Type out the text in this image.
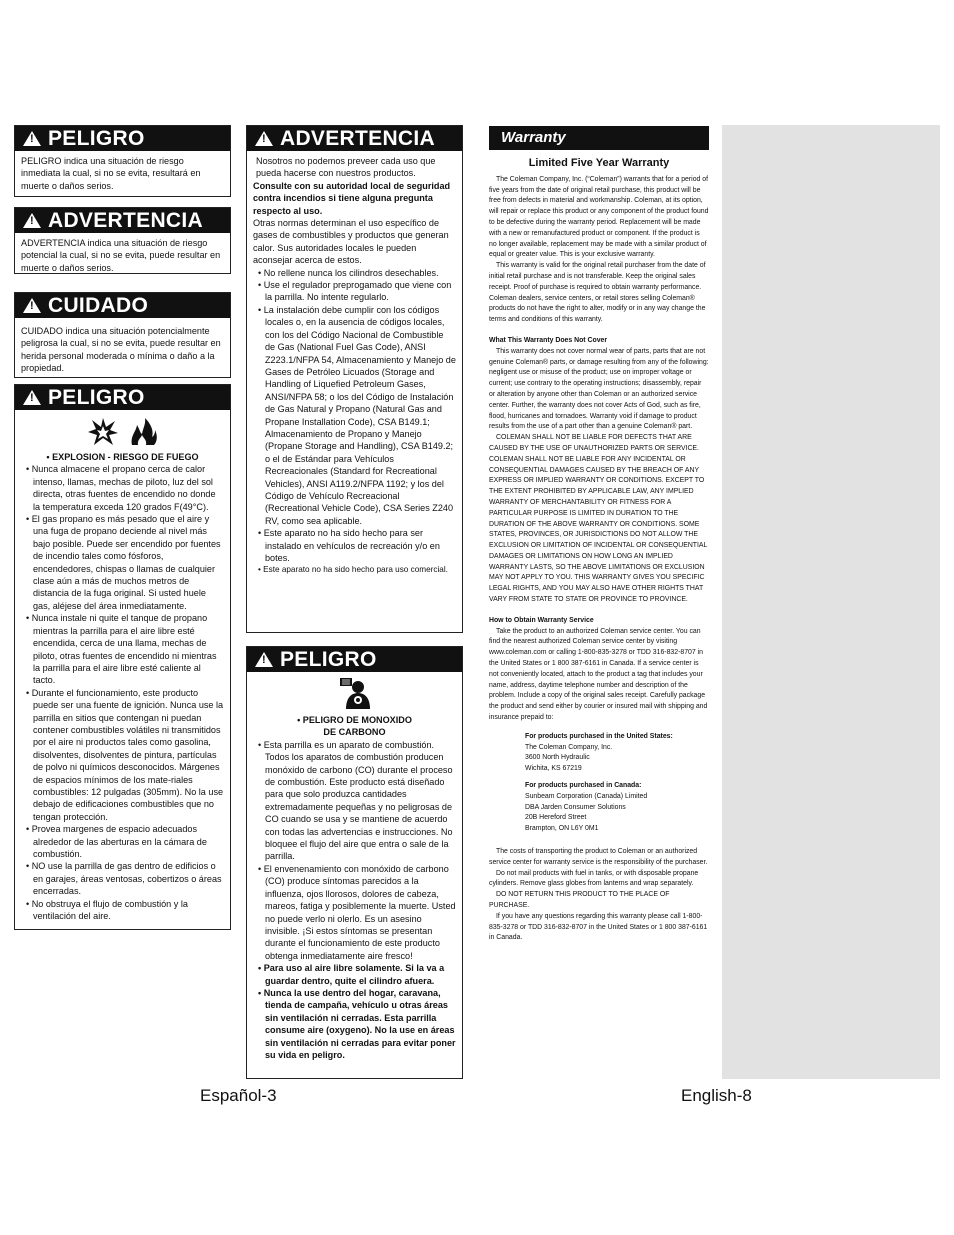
!
PELIGRO

PELIGRO indica una situación de riesgo inmediata la cual, si no se evita, resultará en muerte o daños serios.

!
ADVERTENCIA

ADVERTENCIA indica una situación de riesgo potencial la cual, si no se evita, puede resultar en muerte o daños serios.

!
CUIDADO

CUIDADO indica una situación potencialmente peligrosa la cual, si no se evita, puede resultar en herida personal moderada o mínima o daño a la propiedad.

!
PELIGRO

• EXPLOSION - RIESGO DE FUEGO

• Nunca almacene el propano cerca de calor intenso, llamas, mechas de piloto, luz del sol directa, otras fuentes de encendido no donde la temperatura exceda 120 grados F(49°C).

• El gas propano es más pesado que el aire y una fuga de propano deciende al nivel más bajo posible. Puede ser encendido por fuentes de incendio tales como fósforos, encendedores, chispas o llamas de cualquier clase aún a más de muchos metros de distancia de la fuga original. Si usted huele gas, aléjese del área inmediatamente.

• Nunca instale ni quite el tanque de propano mientras la parrilla para el aire libre esté encendida, cerca de una llama, mechas de piloto, otras fuentes de encendido ni mientras la parrilla para el aire libre esté caliente al tacto.

• Durante el funcionamiento, este producto puede ser una fuente de ignición. Nunca use la parrilla en sitios que contengan ni puedan contener combustibles volátiles ni transmitidos por el aire ni productos tales como gasolina, disolventes, disolventes de pintura, partículas de polvo ni químicos desconocidos. Márgenes de espacios mínimos de los mate-riales combustibles: 12 pulgadas (305mm). No la use debajo de edificaciones combustibles que no tengan protección.

• Provea margenes de espacio adecuados alrededor de las aberturas en la cámara de combustión.

• NO use la parrilla de gas dentro de edificios o en garajes, áreas ventosas, cobertizos o áreas encerradas.

• No obstruya el flujo de combustión y la ventilación del aire.

!
ADVERTENCIA

Nosotros no podemos preveer cada uso que pueda hacerse con nuestros productos.

Consulte con su autoridad local de seguridad contra incendios si tiene alguna pregunta respecto al uso.

Otras normas determinan el uso específico de gases de combustibles y productos que generan calor. Sus autoridades locales le pueden aconsejar acerca de estos.

• No rellene nunca los cilindros desechables.

• Use el regulador preprogamado que viene con la parrilla. No intente regularlo.

• La instalación debe cumplir con los códigos locales o, en la ausencia de códigos locales, con los del Código Nacional de Combustible de Gas (National Fuel Gas Code), ANSI Z223.1/NFPA 54, Almacenamiento y Manejo de Gases de Petróleo Licuados (Storage and Handling of Liquefied Petroleum Gases, ANSI/NFPA 58; o los del Código de Instalación de Gas Natural y Propano (Natural Gas and Propane Installation Code), CSA B149.1; Almacenamiento de Propano y Manejo (Propane Storage and Handling), CSA B149.2; o el de Estándar para Vehículos Recreacionales (Standard for Recreational Vehicles), ANSI A119.2/NFPA 1192; y los del Código de Vehículo Recreacional (Recreational Vehicle Code), CSA Series Z240 RV, como sea aplicable.

• Este aparato no ha sido hecho para ser instalado en vehículos de recreación y/o en botes.

• Este aparato no ha sido hecho para uso comercial.

!
PELIGRO

• PELIGRO DE MONOXIDO

DE CARBONO

• Esta parrilla es un aparato de combustión. Todos los aparatos de combustión producen monóxido de carbono (CO) durante el proceso de combustión. Este producto está diseñado para que solo produzca cantidades extremadamente pequeñas y no peligrosas de CO cuando se usa y se mantiene de acuerdo con todas las advertencias e instrucciones. No bloquee el flujo del aire que entra o sale de la parrilla.

• El envenenamiento con monóxido de carbono (CO) produce síntomas parecidos a la influenza, ojos llorosos, dolores de cabeza, mareos, fatiga y posiblemente la muerte. Usted no puede verlo ni olerlo. Es un asesino invisible. ¡Si estos síntomas se presentan durante el funcionamiento de este producto obtenga inmediatamente aire fresco!

• Para uso al aire libre solamente. Si la va a guardar dentro, quite el cilindro afuera.

• Nunca la use dentro del hogar, caravana, tienda de campaña, vehículo u otras áreas sin ventilación ni cerradas. Esta parrilla consume aire (oxygeno). No la use en áreas sin ventilación ni cerradas para evitar poner su vida en peligro.

Warranty
Limited Five Year Warranty

The Coleman Company, Inc. (“Coleman”) warrants that for a period of five years from the date of original retail purchase, this product will be free from defects in material and workmanship. Coleman, at its option, will repair or replace this product or any component of the product found to be defective during the warranty period. Replacement will be made with a new or remanufactured product or component. If the product is no longer available, replacement may be made with a similar product of equal or greater value. This is your exclusive warranty.

This warranty is valid for the original retail purchaser from the date of initial retail purchase and is not transferable. Keep the original sales receipt. Proof of purchase is required to obtain warranty performance. Coleman dealers, service centers, or retail stores selling Coleman® products do not have the right to alter, modify or in any way change the terms and conditions of this warranty.

What This Warranty Does Not Cover

This warranty does not cover normal wear of parts, parts that are not genuine Coleman® parts, or damage resulting from any of the following: negligent use or misuse of the product; use on improper voltage or current; use contrary to the operating instructions; disassembly, repair or alteration by anyone other than Coleman or an authorized service center. Further, the warranty does not cover Acts of God, such as fire, flood, hurricanes and tornadoes. Warranty void if damage to product results from the use of a part other than a genuine Coleman® part.

COLEMAN SHALL NOT BE LIABLE FOR DEFECTS THAT ARE CAUSED BY THE USE OF UNAUTHORIZED PARTS OR SERVICE. COLEMAN SHALL NOT BE LIABLE FOR ANY INCIDENTAL OR CONSEQUENTIAL DAMAGES CAUSED BY THE BREACH OF ANY EXPRESS OR IMPLIED WARRANTY OR CONDITIONS. EXCEPT TO THE EXTENT PROHIBITED BY APPLICABLE LAW, ANY IMPLIED WARRANTY OF MERCHANTABILITY OR FITNESS FOR A PARTICULAR PURPOSE IS LIMITED IN DURATION TO THE DURATION OF THE ABOVE WARRANTY OR CONDITIONS. SOME STATES, PROVINCES, OR JURISDICTIONS DO NOT ALLOW THE EXCLUSION OR LIMITATION OF INCIDENTAL OR CONSEQUENTIAL DAMAGES OR LIMITATIONS ON HOW LONG AN IMPLIED WARRANTY LASTS, SO THE ABOVE LIMITATIONS OR EXCLUSION MAY NOT APPLY TO YOU. THIS WARRANTY GIVES YOU SPECIFIC LEGAL RIGHTS, AND YOU MAY ALSO HAVE OTHER RIGHTS THAT VARY FROM STATE TO STATE OR PROVINCE TO PROVINCE.

How to Obtain Warranty Service

Take the product to an authorized Coleman service center. You can find the nearest authorized Coleman service center by visiting www.coleman.com or calling 1-800-835-3278 or TDD 316-832-8707 in the United States or 1 800 387-6161 in Canada. If a service center is not conveniently located, attach to the product a tag that includes your name, address, daytime telephone number and description of the problem. Include a copy of the original sales receipt. Carefully package the product and send either by courier or insured mail with shipping and insurance prepaid to:

For products purchased in the United States:

The Coleman Company, Inc.

3600 North Hydraulic

Wichita, KS 67219

For products purchased in Canada:

Sunbeam Corporation (Canada) Limited

DBA Jarden Consumer Solutions

20B Hereford Street

Brampton, ON L6Y 0M1

The costs of transporting the product to Coleman or an authorized service center for warranty service is the responsibility of the purchaser.

Do not mail products with fuel in tanks, or with disposable propane cylinders. Remove glass globes from lanterns and wrap separately.

DO NOT RETURN THIS PRODUCT TO THE PLACE OF PURCHASE.

If you have any questions regarding this warranty please call 1-800-835-3278 or TDD 316-832-8707 in the United States or 1 800 387-6161 in Canada.

Español-3	English-8
